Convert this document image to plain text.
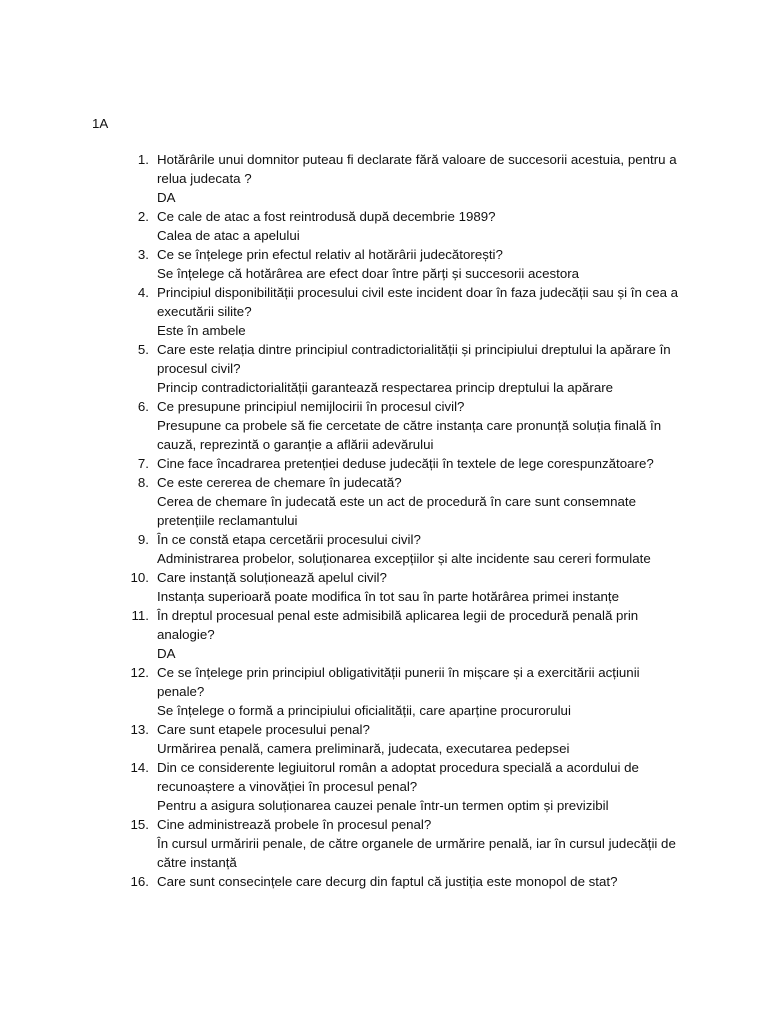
1A

1. Hotărârile unui domnitor puteau fi declarate fără valoare de succesorii acestuia, pentru a relua judecata ?
DA
2. Ce cale de atac a fost reintrodusă după decembrie 1989?
Calea de atac a apelului
3. Ce se înțelege prin efectul relativ al hotărârii judecătorești?
Se înțelege că hotărârea are efect doar între părți și succesorii acestora
4. Principiul disponibilității procesului civil este incident doar în faza judecății sau și în cea a executării silite?
Este în ambele
5. Care este relația dintre principiul contradictorialității și principiului dreptului la apărare în procesul civil?
Princip contradictorialității garantează respectarea princip dreptului la apărare
6. Ce presupune principiul nemijlocirii în procesul civil?
Presupune ca probele să fie cercetate de către instanța care pronunță soluția finală în cauză, reprezintă o garanție a aflării adevărului
7. Cine face încadrarea pretenției deduse judecății în textele de lege corespunzătoare?
8. Ce este cererea de chemare în judecată?
Cerea de chemare în judecată este un act de procedură în care sunt consemnate pretențiile reclamantului
9. În ce constă etapa cercetării procesului civil?
Administrarea probelor, soluționarea excepțiilor și alte incidente sau cereri formulate
10. Care instanță soluționează apelul civil?
Instanța superioară poate modifica în tot sau în parte hotărârea primei instanțe
11. În dreptul procesual penal este admisibilă aplicarea legii de procedură penală prin analogie?
DA
12. Ce se înțelege prin principiul obligativității punerii în mișcare și a exercitării acțiunii penale?
Se înțelege o formă a principiului oficialității, care aparține procurorului
13. Care sunt etapele procesului penal?
Urmărirea penală, camera preliminară, judecata, executarea pedepsei
14. Din ce considerente legiuitorul român a adoptat procedura specială a acordului de recunoaștere a vinovăției în procesul penal?
Pentru a asigura soluționarea cauzei penale într-un termen optim și previzibil
15. Cine administrează probele în procesul penal?
În cursul urmăririi penale, de către organele de urmărire penală, iar în cursul judecății de către instanță
16. Care sunt consecințele care decurg din faptul că justiția este monopol de stat?
